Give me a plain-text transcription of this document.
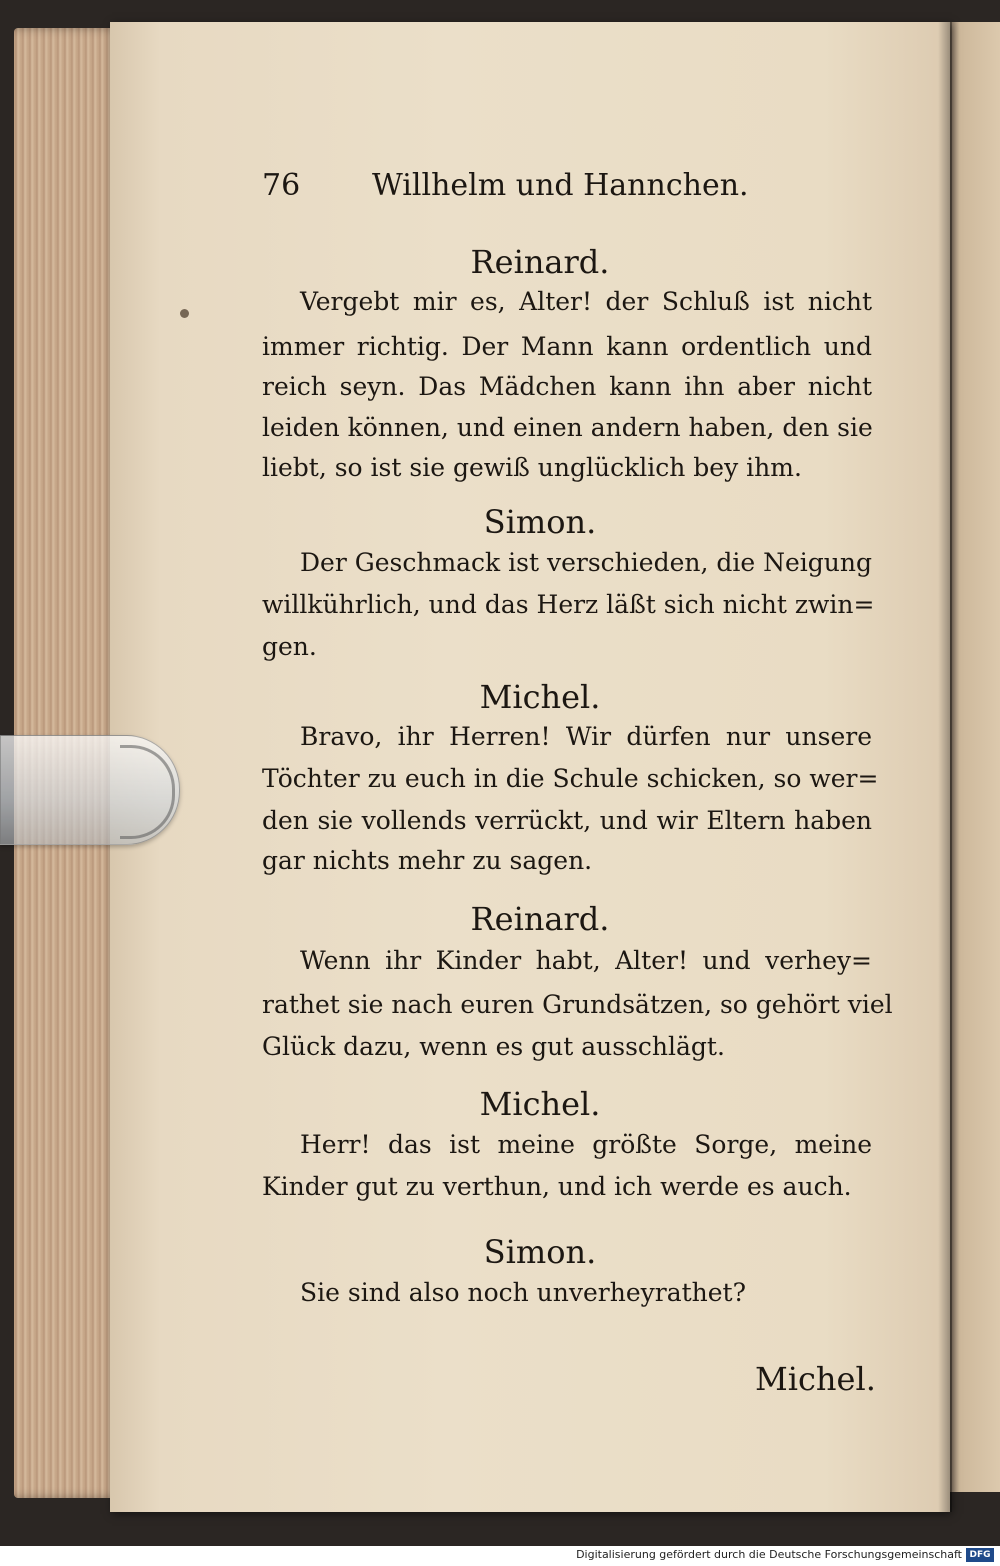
76 Willhelm und Hannchen.
Reinard.
Vergebt mir es, Alter! der Schluß ist nicht
immer richtig. Der Mann kann ordentlich und
reich seyn. Das Mädchen kann ihn aber nicht
leiden können, und einen andern haben, den sie
liebt, so ist sie gewiß unglücklich bey ihm.
Simon.
Der Geschmack ist verschieden, die Neigung
willkührlich, und das Herz läßt sich nicht zwin=
gen.
Michel.
Bravo, ihr Herren! Wir dürfen nur unsere
Töchter zu euch in die Schule schicken, so wer=
den sie vollends verrückt, und wir Eltern haben
gar nichts mehr zu sagen.
Reinard.
Wenn ihr Kinder habt, Alter! und verhey=
rathet sie nach euren Grundsätzen, so gehört viel
Glück dazu, wenn es gut ausschlägt.
Michel.
Herr! das ist meine größte Sorge, meine
Kinder gut zu verthun, und ich werde es auch.
Simon.
Sie sind also noch unverheyrathet?
Michel.
Digitalisierung gefördert durch die Deutsche Forschungsgemeinschaft DFG
